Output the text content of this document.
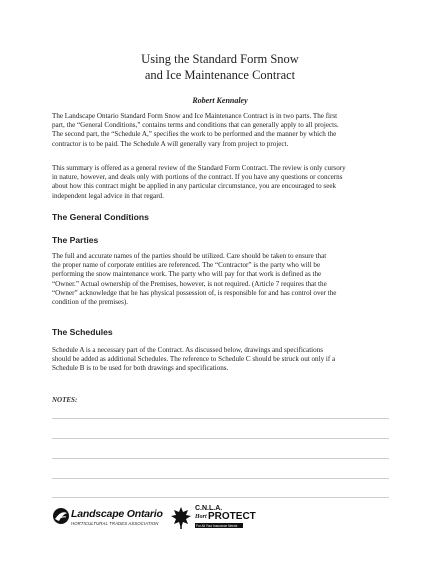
Using the Standard Form Snow
and Ice Maintenance Contract
Robert Kennaley

The Landscape Ontario Standard Form Snow and Ice Maintenance Contract is in two parts. The first
part, the “General Conditions,” contains terms and conditions that can generally apply to all projects.
The second part, the “Schedule A,” specifies the work to be performed and the manner by which the
contractor is to be paid. The Schedule A will generally vary from project to project.

This summary is offered as a general review of the Standard Form Contract. The review is only cursory
in nature, however, and deals only with portions of the contract. If you have any questions or concerns
about how this contract might be applied in any particular circumstance, you are encouraged to seek
independent legal advice in that regard.

The General Conditions
The Parties

The full and accurate names of the parties should be utilized. Care should be taken to ensure that
the proper name of corporate entities are referenced. The “Contractor” is the party who will be
performing the snow maintenance work. The party who will pay for that work is defined as the
“Owner.” Actual ownership of the Premises, however, is not required. (Article 7 requires that the
“Owner” acknowledge that he has physical possession of, is responsible for and has control over the
condition of the premises).

The Schedules

Schedule A is a necessary part of the Contract. As discussed below, drawings and specifications
should be added as additional Schedules. The reference to Schedule C should be struck out only if a
Schedule B is to be used for both drawings and specifications.

NOTES:
Landscape Ontario
HORTICULTURAL TRADES ASSOCIATION
C.N.L.A.
Hort PROTECT
For All Your Insurance Needs
